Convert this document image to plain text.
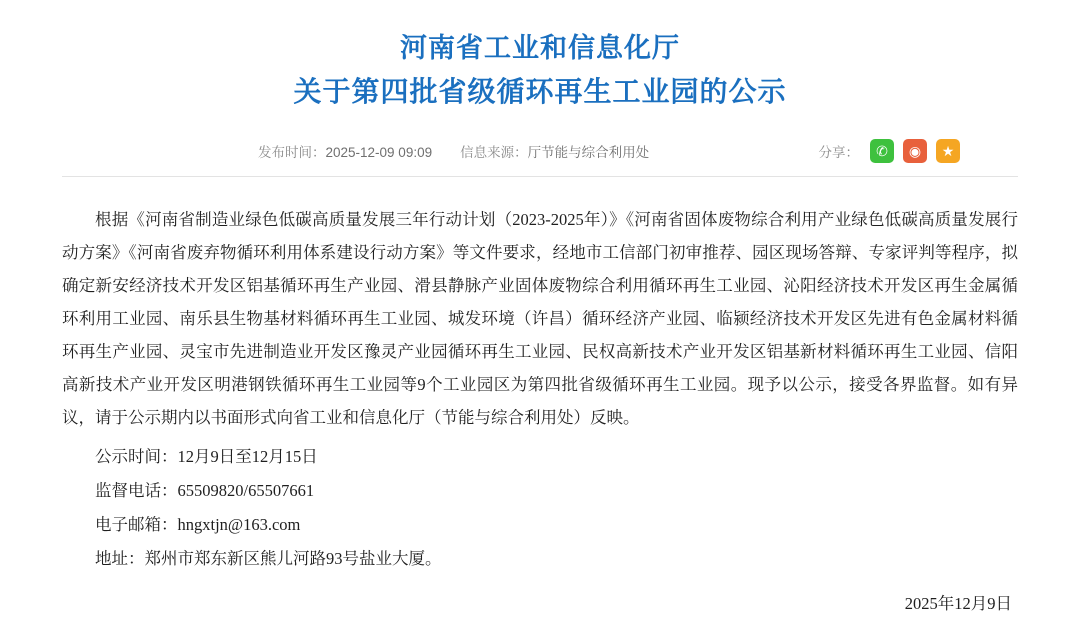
河南省工业和信息化厅
关于第四批省级循环再生工业园的公示
发布时间：2025-12-09 09:09 信息来源：厅节能与综合利用处	分享：	✆	◉	★

根据《河南省制造业绿色低碳高质量发展三年行动计划（2023-2025年）》《河南省固体废物综合利用产业绿色低碳高质量发展行动方案》《河南省废弃物循环利用体系建设行动方案》等文件要求，经地市工信部门初审推荐、园区现场答辩、专家评判等程序，拟确定新安经济技术开发区铝基循环再生产业园、滑县静脉产业固体废物综合利用循环再生工业园、沁阳经济技术开发区再生金属循环利用工业园、南乐县生物基材料循环再生工业园、城发环境（许昌）循环经济产业园、临颍经济技术开发区先进有色金属材料循环再生产业园、灵宝市先进制造业开发区豫灵产业园循环再生工业园、民权高新技术产业开发区铝基新材料循环再生工业园、信阳高新技术产业开发区明港钢铁循环再生工业园等9个工业园区为第四批省级循环再生工业园。现予以公示，接受各界监督。如有异议，请于公示期内以书面形式向省工业和信息化厅（节能与综合利用处）反映。

公示时间：12月9日至12月15日

监督电话：65509820/65507661

电子邮箱：hngxtjn@163.com

地址：郑州市郑东新区熊儿河路93号盐业大厦。

2025年12月9日
